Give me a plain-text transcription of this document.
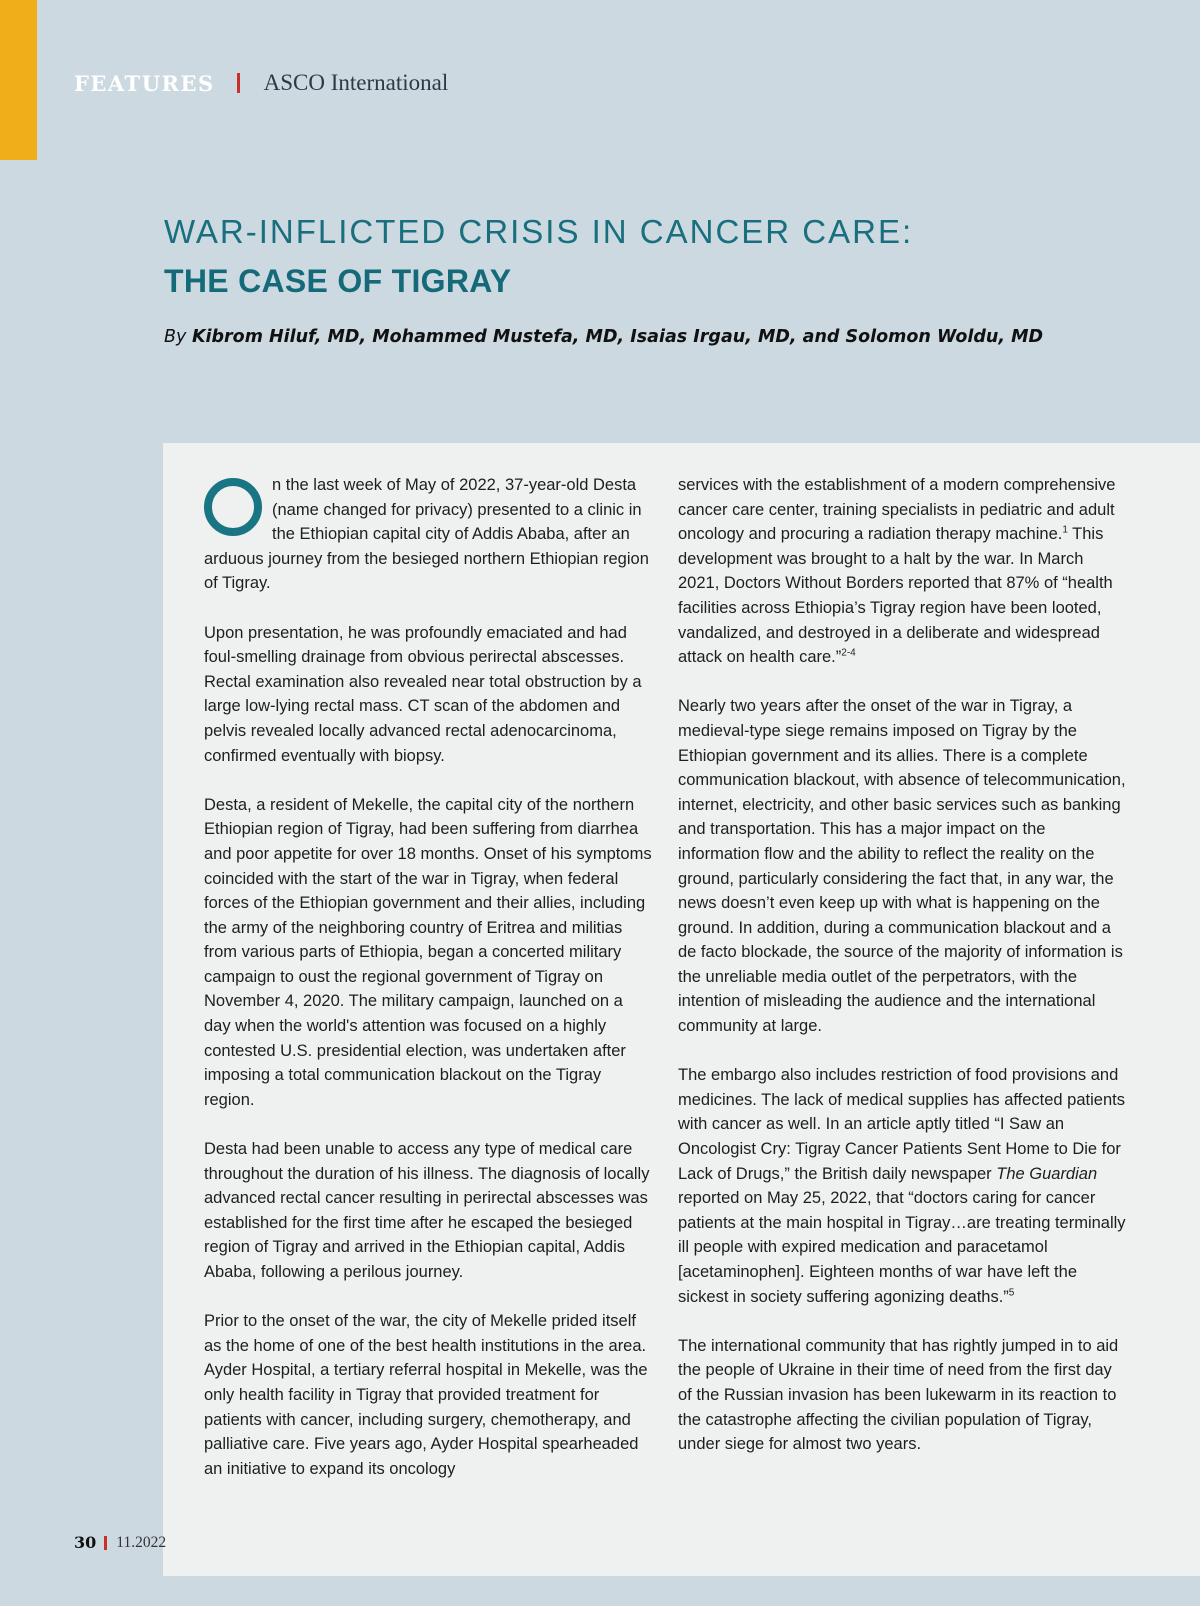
FEATURES ASCO International
WAR-INFLICTED CRISIS IN CANCER CARE:
THE CASE OF TIGRAY
By Kibrom Hiluf, MD, Mohammed Mustefa, MD, Isaias Irgau, MD, and Solomon Woldu, MD

n the last week of May of 2022, 37-year-old Desta (name changed for privacy) presented to a clinic in the Ethiopian capital city of Addis Ababa, after an arduous journey from the besieged northern Ethiopian region of Tigray.

Upon presentation, he was profoundly emaciated and had foul-smelling drainage from obvious perirectal abscesses. Rectal examination also revealed near total obstruction by a large low-lying rectal mass. CT scan of the abdomen and pelvis revealed locally advanced rectal adenocarcinoma, confirmed eventually with biopsy.

Desta, a resident of Mekelle, the capital city of the northern Ethiopian region of Tigray, had been suffering from diarrhea and poor appetite for over 18 months. Onset of his symptoms coincided with the start of the war in Tigray, when federal forces of the Ethiopian government and their allies, including the army of the neighboring country of Eritrea and militias from various parts of Ethiopia, began a concerted military campaign to oust the regional government of Tigray on November 4, 2020. The military campaign, launched on a day when the world's attention was focused on a highly contested U.S. presidential election, was undertaken after imposing a total communication blackout on the Tigray region.

Desta had been unable to access any type of medical care throughout the duration of his illness. The diagnosis of locally advanced rectal cancer resulting in perirectal abscesses was established for the first time after he escaped the besieged region of Tigray and arrived in the Ethiopian capital, Addis Ababa, following a perilous journey.

Prior to the onset of the war, the city of Mekelle prided itself as the home of one of the best health institutions in the area. Ayder Hospital, a tertiary referral hospital in Mekelle, was the only health facility in Tigray that provided treatment for patients with cancer, including surgery, chemotherapy, and palliative care. Five years ago, Ayder Hospital spearheaded an initiative to expand its oncology

services with the establishment of a modern comprehensive cancer care center, training specialists in pediatric and adult oncology and procuring a radiation therapy machine.$^1$ This development was brought to a halt by the war. In March 2021, Doctors Without Borders reported that 87% of “health facilities across Ethiopia’s Tigray region have been looted, vandalized, and destroyed in a deliberate and widespread attack on health care.”$^{2-4}$

Nearly two years after the onset of the war in Tigray, a medieval-type siege remains imposed on Tigray by the Ethiopian government and its allies. There is a complete communication blackout, with absence of telecommunication, internet, electricity, and other basic services such as banking and transportation. This has a major impact on the information flow and the ability to reflect the reality on the ground, particularly considering the fact that, in any war, the news doesn’t even keep up with what is happening on the ground. In addition, during a communication blackout and a de facto blockade, the source of the majority of information is the unreliable media outlet of the perpetrators, with the intention of misleading the audience and the international community at large.

The embargo also includes restriction of food provisions and medicines. The lack of medical supplies has affected patients with cancer as well. In an article aptly titled “I Saw an Oncologist Cry: Tigray Cancer Patients Sent Home to Die for Lack of Drugs,” the British daily newspaper The Guardian reported on May 25, 2022, that “doctors caring for cancer patients at the main hospital in Tigray…are treating terminally ill people with expired medication and paracetamol [acetaminophen]. Eighteen months of war have left the sickest in society suffering agonizing deaths.”$^5$

The international community that has rightly jumped in to aid the people of Ukraine in their time of need from the first day of the Russian invasion has been lukewarm in its reaction to the catastrophe affecting the civilian population of Tigray, under siege for almost two years.

30 11.2022
